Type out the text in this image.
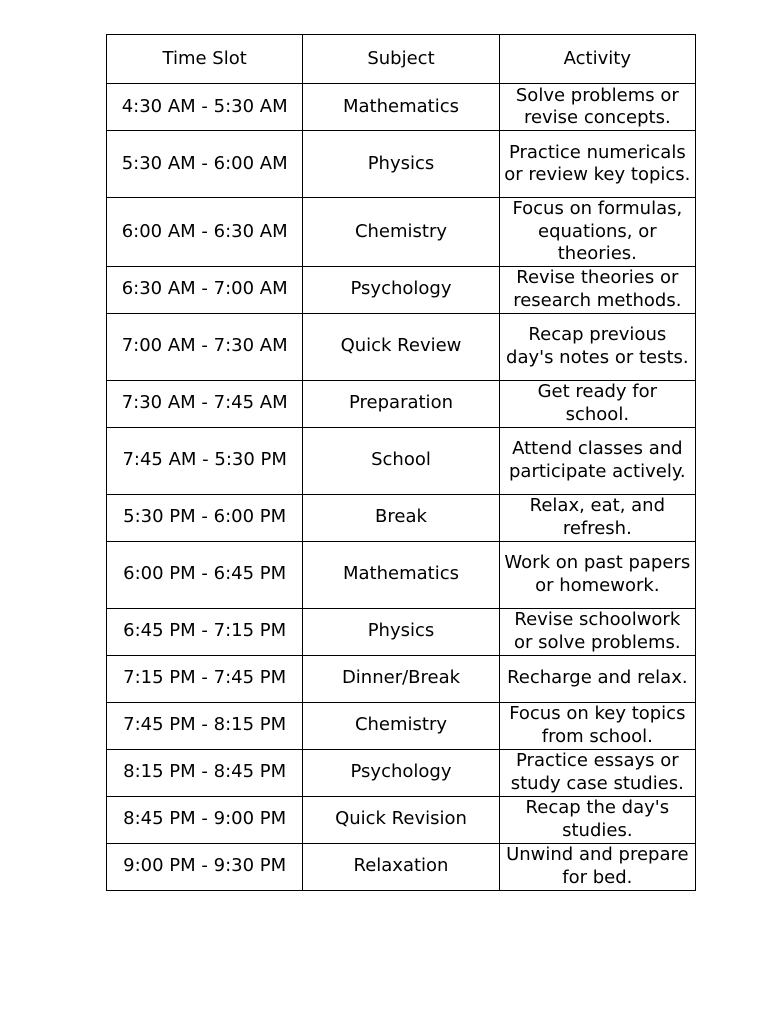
Time Slot	Subject	Activity
4:30 AM - 5:30 AM	Mathematics	Solve problems or revise concepts.
5:30 AM - 6:00 AM	Physics	Practice numericals or review key topics.
6:00 AM - 6:30 AM	Chemistry	Focus on formulas, equations, or theories.
6:30 AM - 7:00 AM	Psychology	Revise theories or research methods.
7:00 AM - 7:30 AM	Quick Review	Recap previous day's notes or tests.
7:30 AM - 7:45 AM	Preparation	Get ready for school.
7:45 AM - 5:30 PM	School	Attend classes and participate actively.
5:30 PM - 6:00 PM	Break	Relax, eat, and refresh.
6:00 PM - 6:45 PM	Mathematics	Work on past papers or homework.
6:45 PM - 7:15 PM	Physics	Revise schoolwork or solve problems.
7:15 PM - 7:45 PM	Dinner/Break	Recharge and relax.
7:45 PM - 8:15 PM	Chemistry	Focus on key topics from school.
8:15 PM - 8:45 PM	Psychology	Practice essays or study case studies.
8:45 PM - 9:00 PM	Quick Revision	Recap the day's studies.
9:00 PM - 9:30 PM	Relaxation	Unwind and prepare for bed.
